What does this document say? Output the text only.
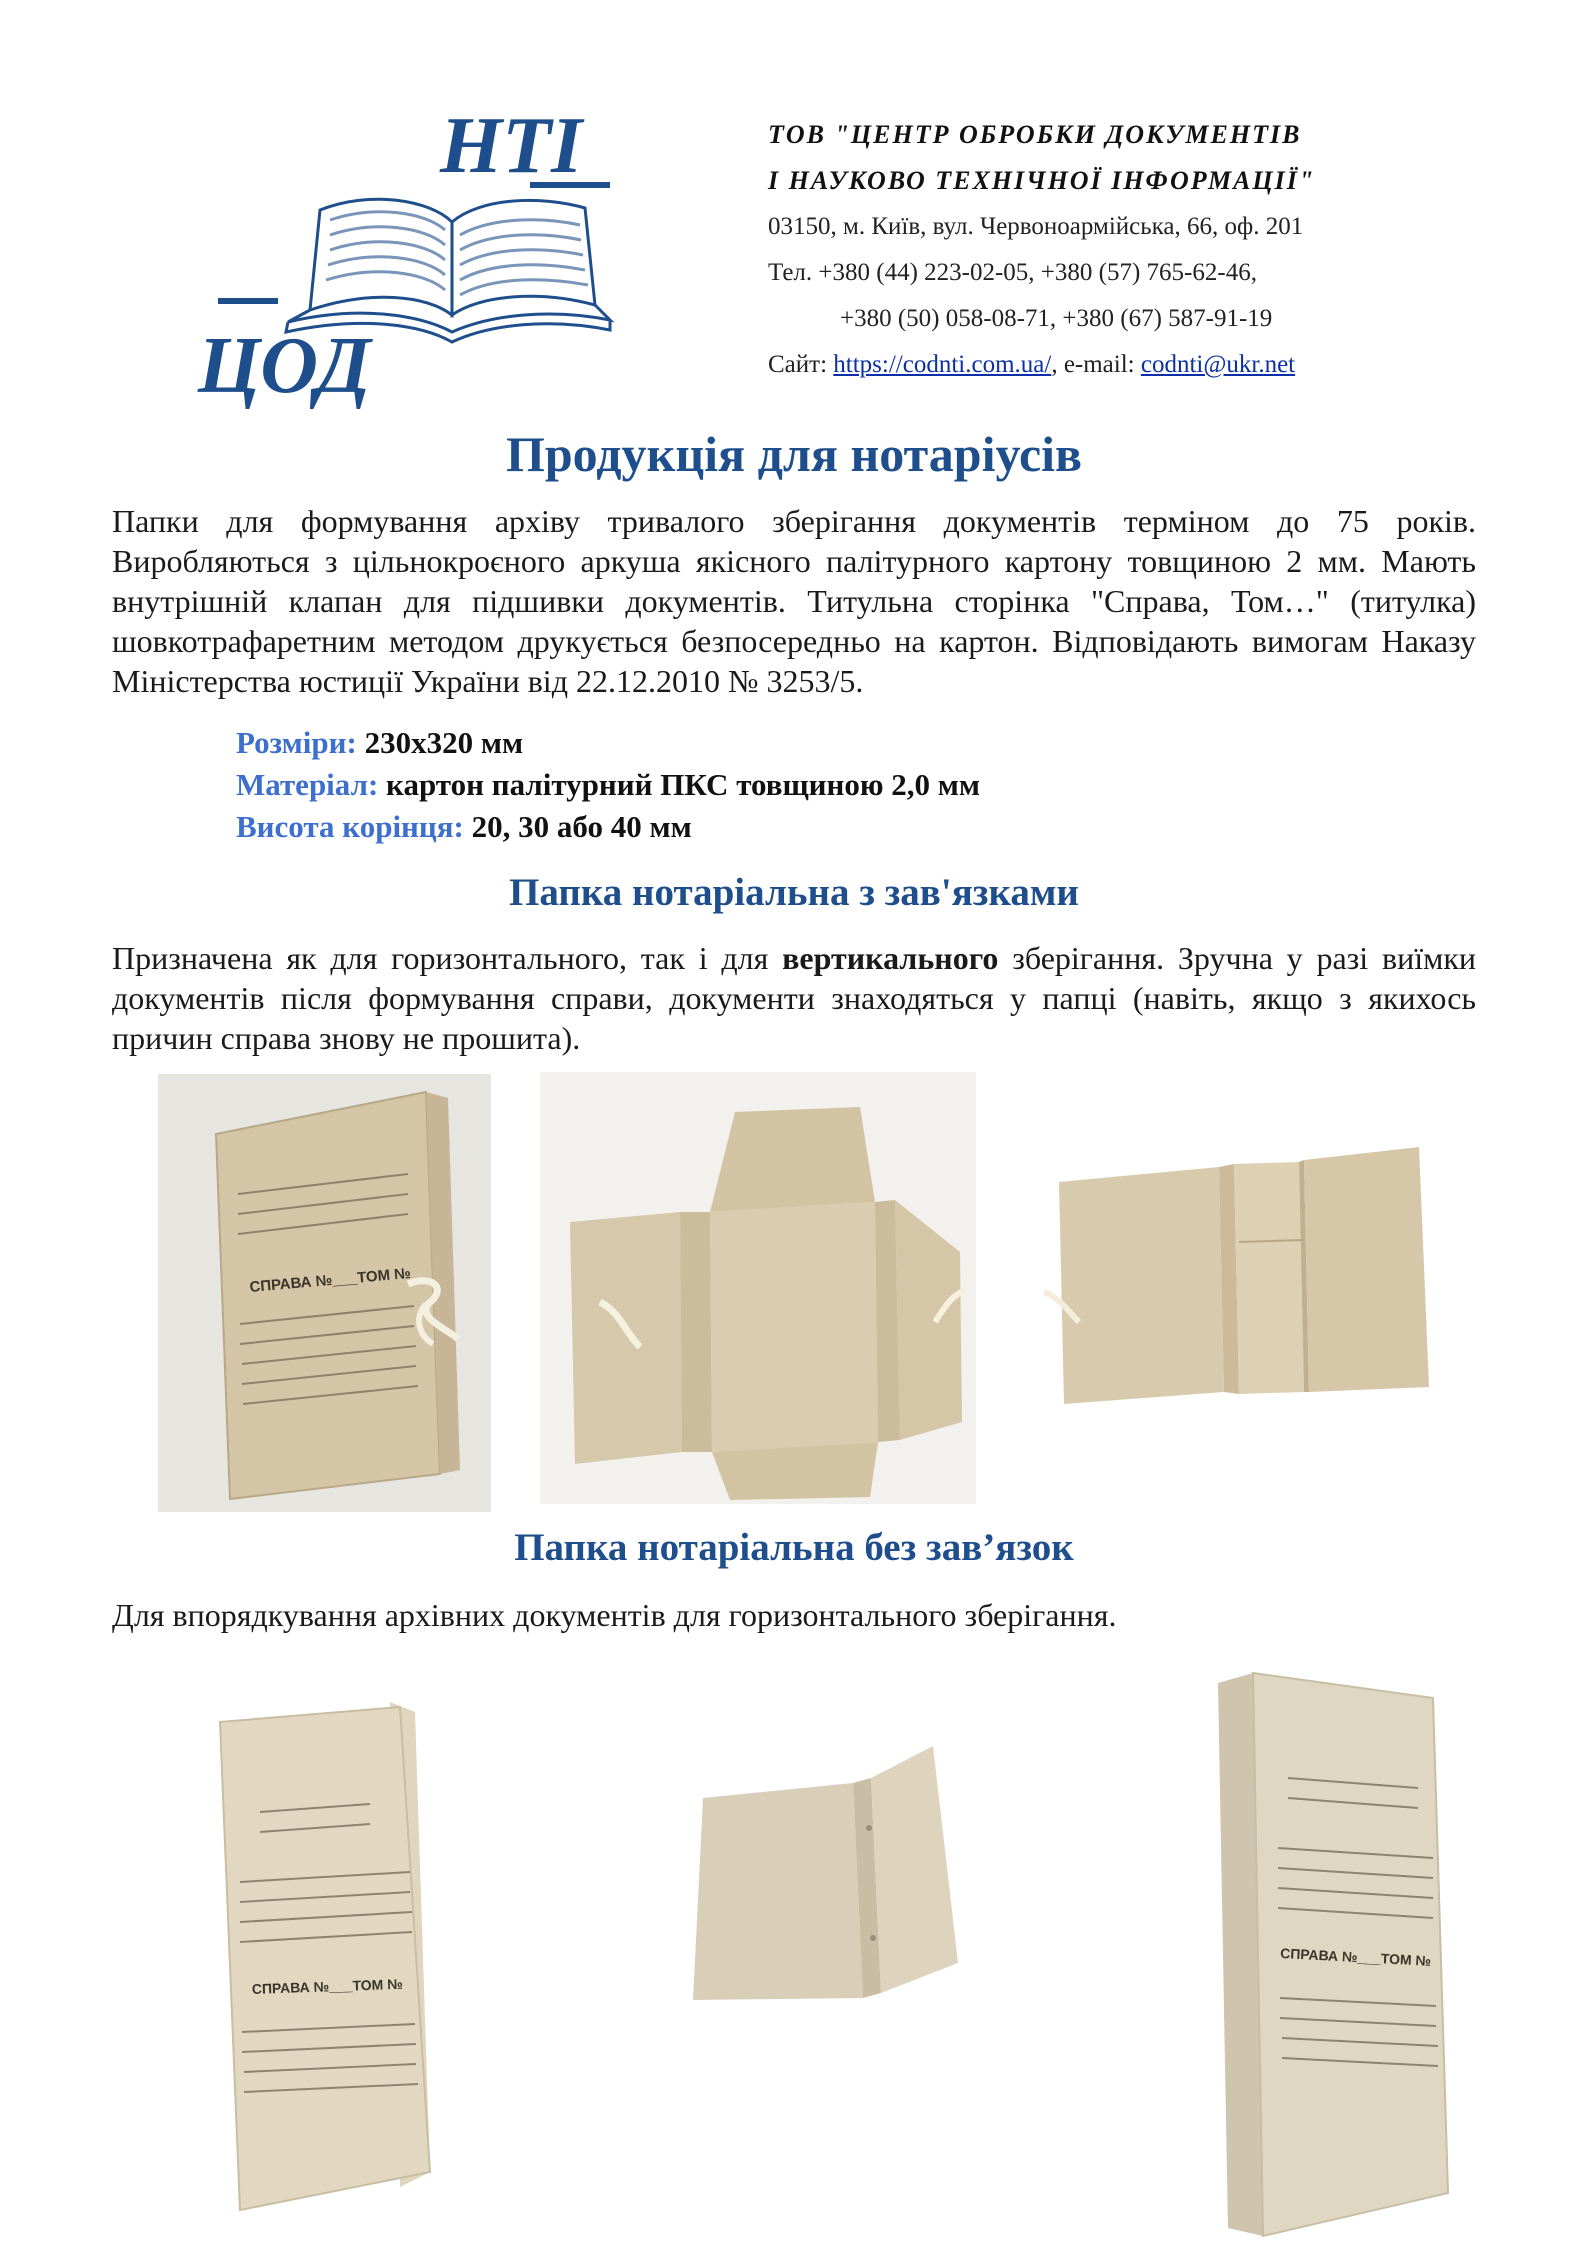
НТІ
ЦОД
ТОВ "ЦЕНТР ОБРОБКИ ДОКУМЕНТІВ
І НАУКОВО ТЕХНІЧНОЇ ІНФОРМАЦІЇ"
03150, м. Київ, вул. Червоноармійська, 66, оф. 201
Тел. +380 (44) 223-02-05, +380 (57) 765-62-46,
+380 (50) 058-08-71, +380 (67) 587-91-19
Сайт: https://codnti.com.ua/, e-mail: codnti@ukr.net
Продукція для нотаріусів

Папки для формування архіву тривалого зберігання документів терміном до 75 років. Виробляються з цільнокроєного аркуша якісного палітурного картону товщиною 2 мм. Мають внутрішній клапан для підшивки документів. Титульна сторінка "Справа, Том…" (титулка) шовкотрафаретним методом друкується безпосередньо на картон. Відповідають вимогам Наказу Міністерства юстиції України від 22.12.2010 № 3253/5.

Розміри: 230х320 мм
Матеріал: картон палітурний ПКС товщиною 2,0 мм
Висота корінця: 20, 30 або 40 мм
Папка нотаріальна з зав'язками

Призначена як для горизонтального, так і для вертикального зберігання. Зручна у разі виїмки документів після формування справи, документи знаходяться у папці (навіть, якщо з якихось причин справа знову не прошита).

СПРАВА №___ТОМ №
Папка нотаріальна без зав’язок

Для впорядкування архівних документів для горизонтального зберігання.

СПРАВА №___ТОМ №
СПРАВА №___ТОМ №
